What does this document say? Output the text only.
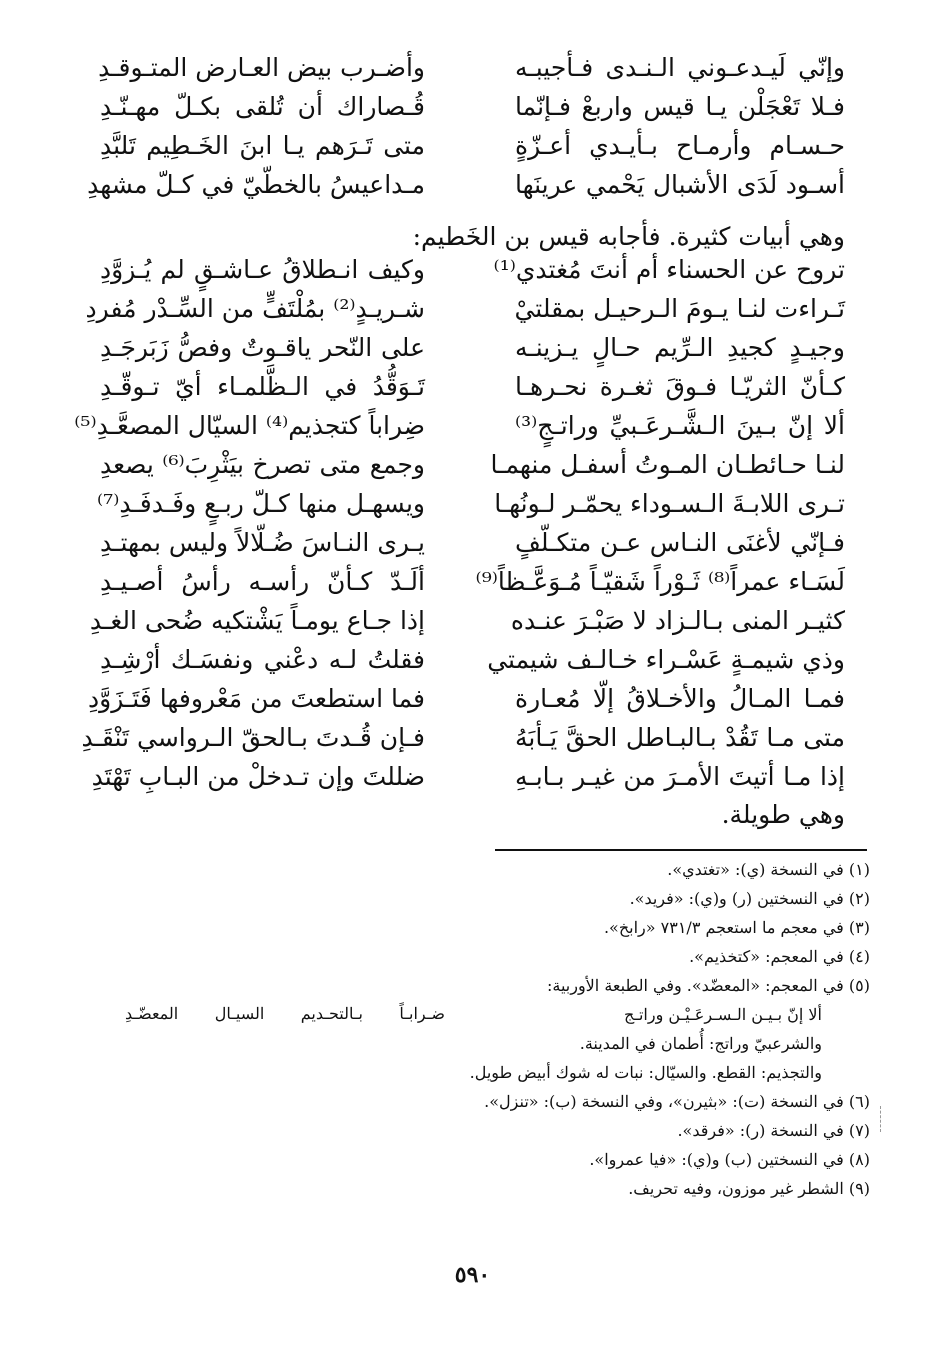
وإنّي لَيـدعـوني الـنـدى فـأجيبـه
وأضـرب بيض العـارض المتـوقـدِ
فـلا تَعْجَلْن يـا قيس واربعْ فـإنّما
قُـصاراك أن تُلقى بكـلّ مهـنّـدِ
حـسـام وأرمـاح بـأيـدي أعـزّةٍ
متى تَـرَهم يـا ابنَ الخَـطِيم تَلبَّدِ
أسـود لَدَى الأشبال يَحْمي عرينَها
مـداعيسُ بالخطّيّ في كـلّ مشهدِ
وهي أبيات كثيرة. فأجابه قيس بن الخَطيم:
تروح عن الحسناء أم أنتَ مُغتدي⁽¹⁾
وكيف انـطلاقُ عـاشـقٍ لم يُـزوَّدِ
تَـراءت لنـا يـومَ الـرحيـل بمقلتيْ
شـريـدٍ⁽²⁾ بمُلْتَفٍّ من السِّـدْر مُفردِ
وجيـدٍ كجيدِ الـرِّيم حـالٍ يـزينـه
على النّحر ياقـوتٌ وفصُّ زَبَرجَـدِ
كـأنّ الثريّـا فـوقَ ثغـرة نحـرهـا
تَـوَقُّدُ في الـظَّلمـاء أيّ تـوقّـدِ
ألا إنّ بـينَ الـشَّـرعَـبيِّ وراتـجٍ⁽³⁾
ضِراباً كتجذيم⁽⁴⁾ السيّال المصعَّـدِ⁽⁵⁾
لنـا حـائطـان المـوتُ أسفـل منهمـا
وجمع متى تصرخ بيَثْرِبَ⁽⁶⁾ يصعدِ
تـرى اللابـةَ الـسـوداء يحمّـر لـونُهـا
ويسهـل منها كـلّ ربـعٍ وفَـدفَـدِ⁽⁷⁾
فـإنّي لأغنَى النـاس عـن متكـلّفٍ
يـرى النـاسَ ضُـلّالاً وليس بمهتـدِ
لَسَـاء عمراً⁽⁸⁾ ثَـوْراً شَقيّـاً مُـوَعَّـظاً⁽⁹⁾
ألَـدّ كـأنّ رأسـه رأسُ أصـيـدِ
كثيـر المنى بـالـزاد لا صَبْـرَ عنـده
إذا جـاع يومـاً يَشْتكيه ضُحى الغـدِ
وذي شيمـةٍ عَسْـراء خـالـف شيمتي
فقلتُ لـه دعْني ونفسَـك أرْشِـدِ
فمـا المـالُ والأخـلاقُ إلّا مُعـارة
فما استطعتَ من مَعْروفها فَتَـزَوَّدِ
متى مـا تَقُدْ بـالبـاطل الحقَّ يَـأبَهُ
فـإن قُـدتَ بـالحقّ الـرواسي تَنْقَـدِ
إذا مـا أتيتَ الأمـرَ من غيـر بـابـهِ
ضللتَ وإن تـدخلْ من البـابِ تَهْتَدِ
وهي طويلة.
(١) في النسخة (ي): «تغتدي».
(٢) في النسختين (ر) و(ي): «فريد».
(٣) في معجم ما استعجم ٧٣١/٣ «رابخ».
(٤) في المعجم: «كتخذيم».
(٥) في المعجم: «المعضّد». وفي الطبعة الأوربية:
ألا إنّ بـيـن الـسـرعَـيْـن وراتـج
والشرعبيّ وراتج: أُطمان في المدينة.
والتجذيم: القطع. والسيّال: نبات له شوك أبيض طويل.
(٦) في النسخة (ت): «بثيرن»، وفي النسخة (ب): «تنزل».
(٧) في النسخة (ر): «فرقد».
(٨) في النسختين (ب) و(ي): «فيا عمروا».
(٩) الشطر غير موزون، وفيه تحريف.
ضـرابـاً بـالتحـديم السيـال المعضّـدِ
٥٩٠
